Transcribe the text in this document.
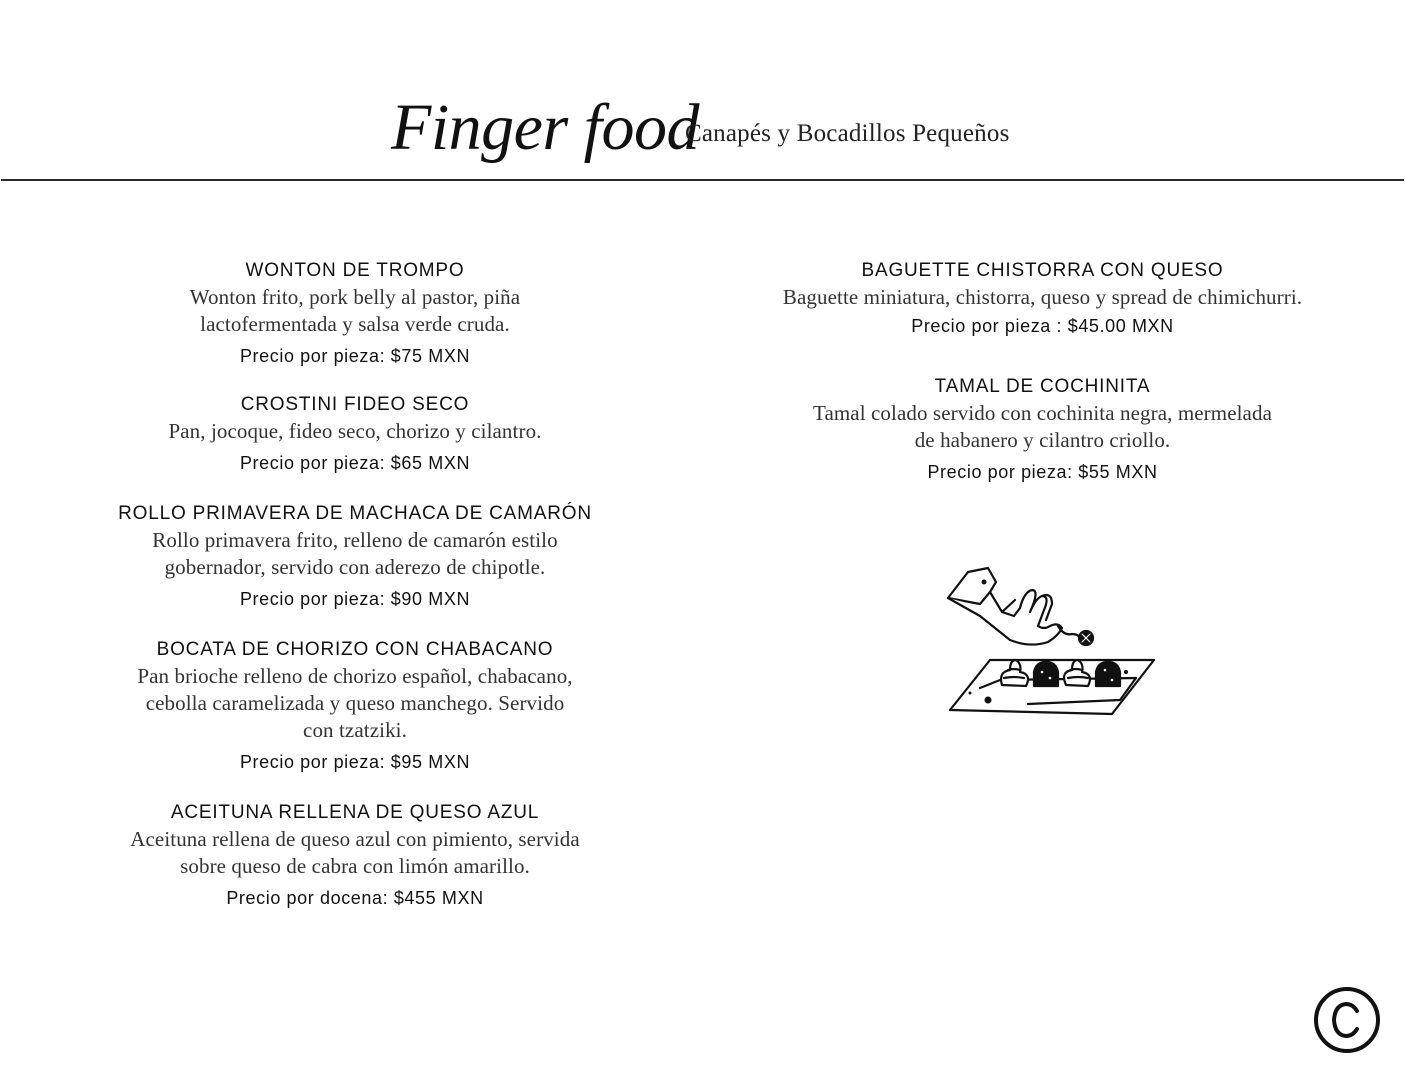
Finger food
Canapés y Bocadillos Pequeños
WONTON DE TROMPO
Wonton frito, pork belly al pastor, piña
lactofermentada y salsa verde cruda.
Precio por pieza: $75 MXN
CROSTINI FIDEO SECO
Pan, jocoque, fideo seco, chorizo y cilantro.
Precio por pieza: $65 MXN
ROLLO PRIMAVERA DE MACHACA DE CAMARÓN
Rollo primavera frito, relleno de camarón estilo
gobernador, servido con aderezo de chipotle.
Precio por pieza: $90 MXN
BOCATA DE CHORIZO CON CHABACANO
Pan brioche relleno de chorizo español, chabacano,
cebolla caramelizada y queso manchego. Servido
con tzatziki.
Precio por pieza: $95 MXN
ACEITUNA RELLENA DE QUESO AZUL
Aceituna rellena de queso azul con pimiento, servida
sobre queso de cabra con limón amarillo.
Precio por docena: $455 MXN
BAGUETTE CHISTORRA CON QUESO
Baguette miniatura, chistorra, queso y spread de chimichurri.
Precio por pieza : $45.00 MXN
TAMAL DE COCHINITA
Tamal colado servido con cochinita negra, mermelada
de habanero y cilantro criollo.
Precio por pieza: $55 MXN
